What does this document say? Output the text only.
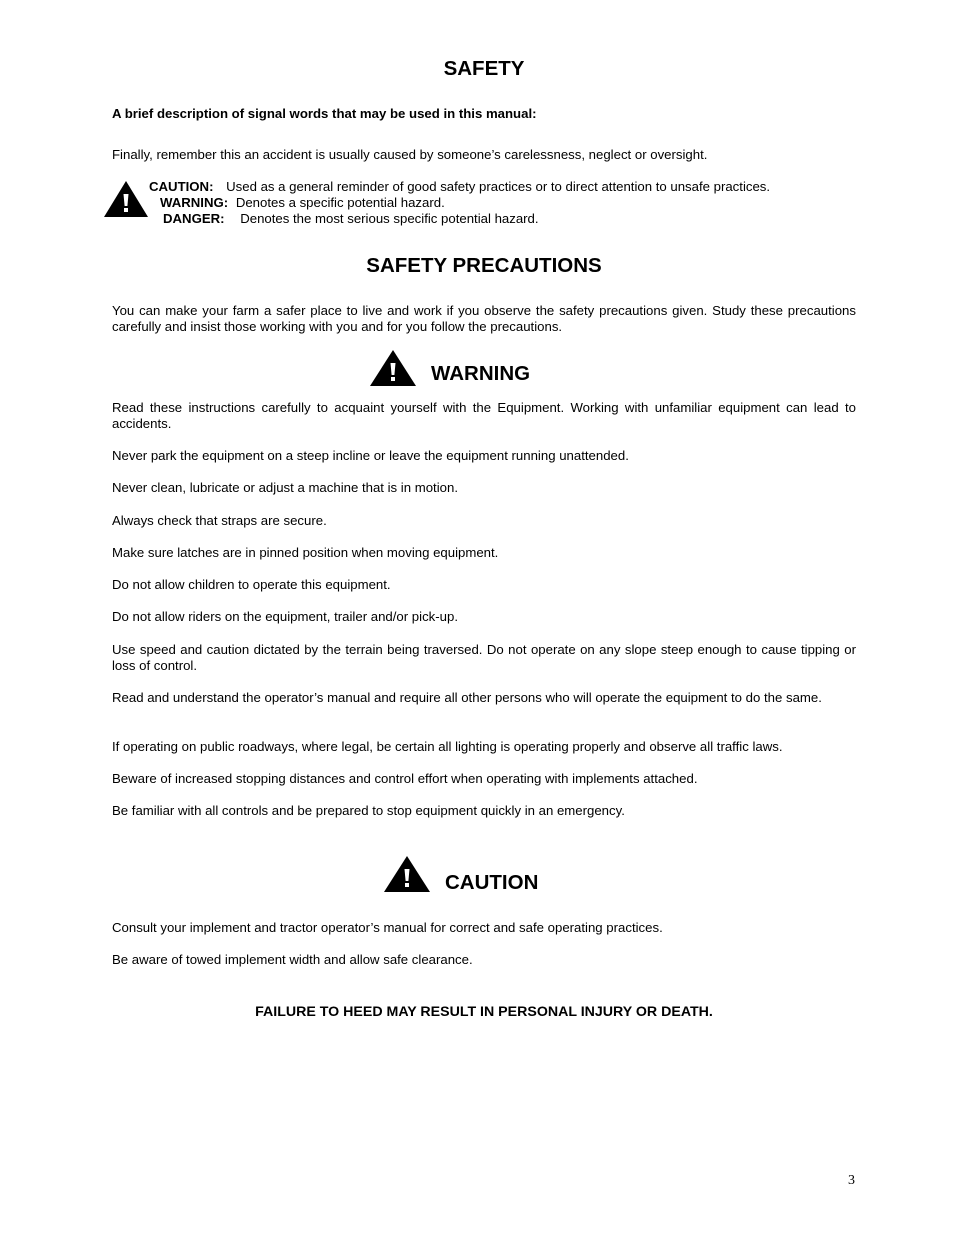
SAFETY
A brief description of signal words that may be used in this manual:
Finally, remember this an accident is usually caused by someone’s carelessness, neglect or oversight.
CAUTION: Used as a general reminder of good safety practices or to direct attention to unsafe practices.
WARNING: Denotes a specific potential hazard.
DANGER: Denotes the most serious specific potential hazard.
SAFETY PRECAUTIONS
You can make your farm a safer place to live and work if you observe the safety precautions given. Study these precautions carefully and insist those working with you and for you follow the precautions.
WARNING
Read these instructions carefully to acquaint yourself with the Equipment. Working with unfamiliar equipment can lead to accidents.
Never park the equipment on a steep incline or leave the equipment running unattended.
Never clean, lubricate or adjust a machine that is in motion.
Always check that straps are secure.
Make sure latches are in pinned position when moving equipment.
Do not allow children to operate this equipment.
Do not allow riders on the equipment, trailer and/or pick-up.
Use speed and caution dictated by the terrain being traversed. Do not operate on any slope steep enough to cause tipping or loss of control.
Read and understand the operator’s manual and require all other persons who will operate the equipment to do the same.
If operating on public roadways, where legal, be certain all lighting is operating properly and observe all traffic laws.
Beware of increased stopping distances and control effort when operating with implements attached.
Be familiar with all controls and be prepared to stop equipment quickly in an emergency.
CAUTION
Consult your implement and tractor operator’s manual for correct and safe operating practices.
Be aware of towed implement width and allow safe clearance.
FAILURE TO HEED MAY RESULT IN PERSONAL INJURY OR DEATH.
3
